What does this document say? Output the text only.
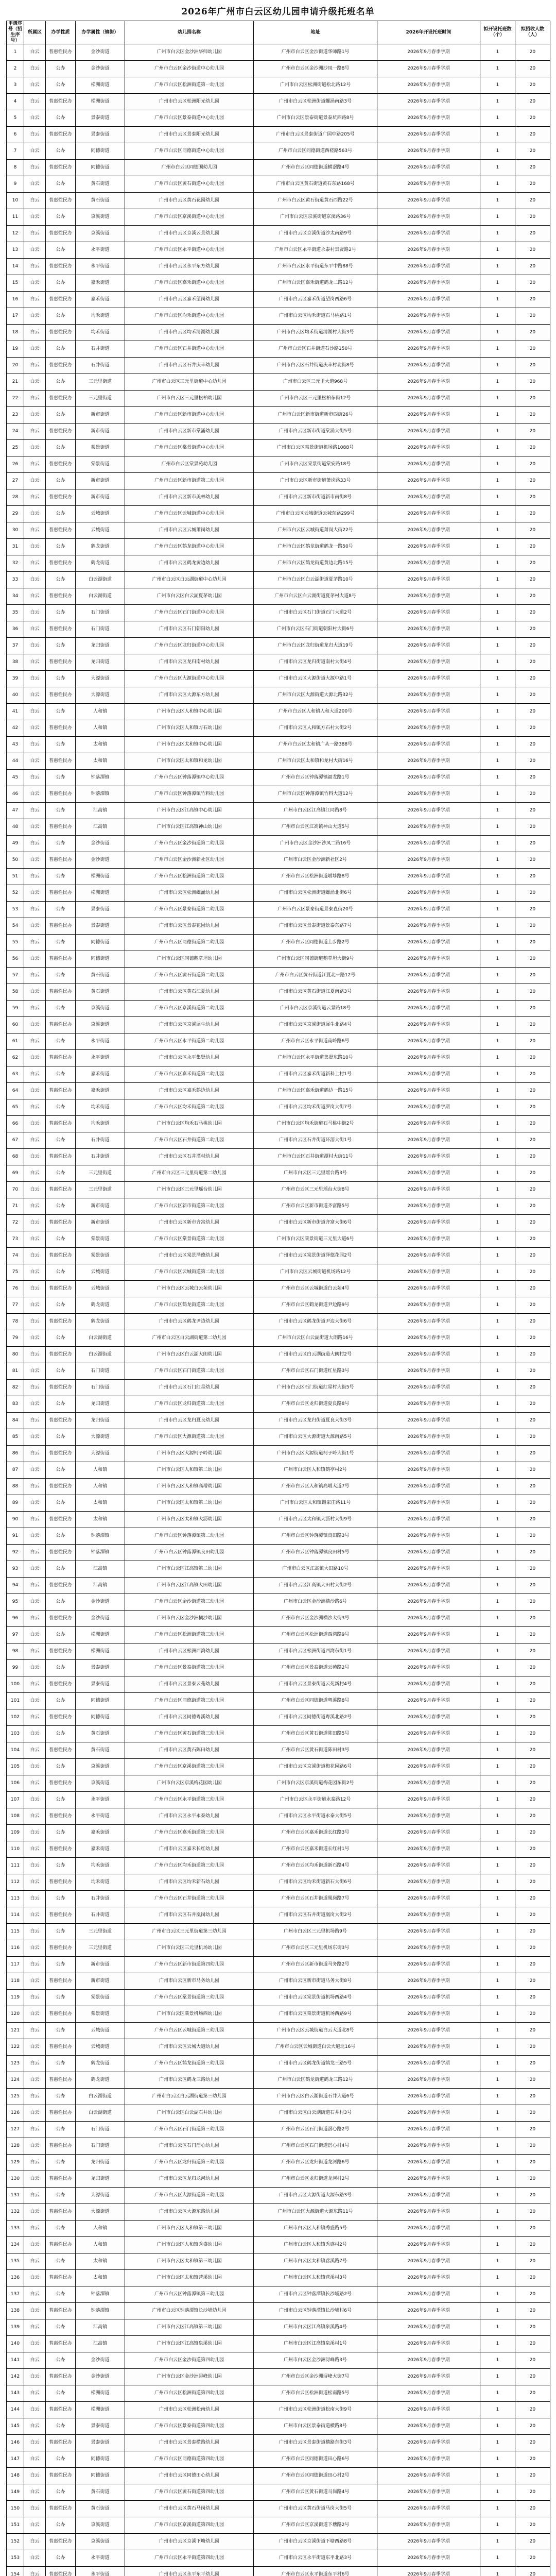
2026年广州市白云区幼儿园申请升级托班名单
申请序号（招生序号）	所属区	办学性质	办学属性（镇街）	幼儿园名称	地址	2026年开设托班时间	拟开设托班数（个）	拟招收人数（人）
1	白云	普惠性民办	金沙街道	广州市白云区金沙洲华师幼儿园	广州市白云区金沙街道华师路1号	2026年9月春季学期	1	20
2	白云	公办	金沙街道	广州市白云区金沙街道中心幼儿园	广州市白云区金沙洲沙凤一路8号	2026年9月春季学期	1	20
3	白云	公办	松洲街道	广州市白云区松洲街道第一幼儿园	广州市白云区松洲街道松北路12号	2026年9月春季学期	1	20
4	白云	普惠性民办	松洲街道	广州市白云区松洲阳光幼儿园	广州市白云区松洲街道螺涌南路3号	2026年9月春季学期	1	20
5	白云	公办	景泰街道	广州市白云区景泰街道中心幼儿园	广州市白云区景泰街道景泰坑西路8号	2026年9月春季学期	1	20
6	白云	普惠性民办	景泰街道	广州市白云区景泰阳光幼儿园	广州市白云区景泰街道广园中路205号	2026年9月春季学期	1	20
7	白云	公办	同德街道	广州市白云区同德街道中心幼儿园	广州市白云区同德街道西槎路563号	2026年9月春季学期	1	20
8	白云	普惠性民办	同德街道	广州市白云区同德围幼儿园	广州市白云区同德街道横滘路4号	2026年9月春季学期	1	20
9	白云	公办	黄石街道	广州市白云区黄石街道中心幼儿园	广州市白云区黄石街道黄石东路168号	2026年9月春季学期	1	20
10	白云	普惠性民办	黄石街道	广州市白云区黄石花园幼儿园	广州市白云区黄石街道黄石西路22号	2026年9月春季学期	1	20
11	白云	公办	京溪街道	广州市白云区京溪街道中心幼儿园	广州市白云区京溪街道京溪路36号	2026年9月春季学期	1	20
12	白云	普惠性民办	京溪街道	广州市白云区京溪云景幼儿园	广州市白云区京溪街道沙太南路9号	2026年9月春季学期	1	20
13	白云	公办	永平街道	广州市白云区永平街道中心幼儿园	广州市白云区永平街道永泰村集贤路2号	2026年9月春季学期	1	20
14	白云	普惠性民办	永平街道	广州市白云区永平东方幼儿园	广州市白云区永平街道东平中路88号	2026年9月春季学期	1	20
15	白云	公办	嘉禾街道	广州市白云区嘉禾街道中心幼儿园	广州市白云区嘉禾街道鹤龙二路12号	2026年9月春季学期	1	20
16	白云	普惠性民办	嘉禾街道	广州市白云区嘉禾望岗幼儿园	广州市白云区嘉禾街道望岗西路6号	2026年9月春季学期	1	20
17	白云	公办	均禾街道	广州市白云区均禾街道中心幼儿园	广州市白云区均禾街道石马桃路1号	2026年9月春季学期	1	20
18	白云	普惠性民办	均禾街道	广州市白云区均禾清湖幼儿园	广州市白云区均禾街道清湖村大街3号	2026年9月春季学期	1	20
19	白云	公办	石井街道	广州市白云区石井街道中心幼儿园	广州市白云区石井街道石沙路150号	2026年9月春季学期	1	20
20	白云	普惠性民办	石井街道	广州市白云区石井庆丰幼儿园	广州市白云区石井街道庆丰村北街8号	2026年9月春季学期	1	20
21	白云	公办	三元里街道	广州市白云区三元里街道中心幼儿园	广州市白云区三元里大道968号	2026年9月春季学期	1	20
22	白云	普惠性民办	三元里街道	广州市白云区三元里松柏幼儿园	广州市白云区三元里松柏东街12号	2026年9月春季学期	1	20
23	白云	公办	新市街道	广州市白云区新市街道中心幼儿园	广州市白云区新市街道新市西街26号	2026年9月春季学期	1	20
24	白云	普惠性民办	新市街道	广州市白云区新市棠涌幼儿园	广州市白云区新市街道棠涌大街5号	2026年9月春季学期	1	20
25	白云	公办	棠景街道	广州市白云区棠景街道中心幼儿园	广州市白云区棠景街道机场路1088号	2026年9月春季学期	1	20
26	白云	普惠性民办	棠景街道	广州市白云区棠景苑幼儿园	广州市白云区棠景街道棠安路18号	2026年9月春季学期	1	20
27	白云	公办	新市街道	广州市白云区新市街道第二幼儿园	广州市白云区新市街道萧岗路33号	2026年9月春季学期	1	20
28	白云	普惠性民办	新市街道	广州市白云区新市美林幼儿园	广州市白云区新市街道新市南街8号	2026年9月春季学期	1	20
29	白云	公办	云城街道	广州市白云区云城街道中心幼儿园	广州市白云区云城街道云城东路299号	2026年9月春季学期	1	20
30	白云	普惠性民办	云城街道	广州市白云区云城萧岗幼儿园	广州市白云区云城街道萧岗大街22号	2026年9月春季学期	1	20
31	白云	公办	鹤龙街道	广州市白云区鹤龙街道中心幼儿园	广州市白云区鹤龙街道鹤龙一路50号	2026年9月春季学期	1	20
32	白云	普惠性民办	鹤龙街道	广州市白云区鹤龙黄边幼儿园	广州市白云区鹤龙街道黄边北路15号	2026年9月春季学期	1	20
33	白云	公办	白云湖街道	广州市白云区白云湖街道中心幼儿园	广州市白云区白云湖街道夏茅路10号	2026年9月春季学期	1	20
34	白云	普惠性民办	白云湖街道	广州市白云区白云湖夏茅幼儿园	广州市白云区白云湖街道夏茅村大道8号	2026年9月春季学期	1	20
35	白云	公办	石门街道	广州市白云区石门街道中心幼儿园	广州市白云区石门街道石门大道2号	2026年9月春季学期	1	20
36	白云	普惠性民办	石门街道	广州市白云区石门朝阳幼儿园	广州市白云区石门街道朝阳村大街6号	2026年9月春季学期	1	20
37	白云	公办	龙归街道	广州市白云区龙归街道中心幼儿园	广州市白云区龙归街道龙归大道19号	2026年9月春季学期	1	20
38	白云	普惠性民办	龙归街道	广州市白云区龙归南村幼儿园	广州市白云区龙归街道南村大街4号	2026年9月春季学期	1	20
39	白云	公办	大源街道	广州市白云区大源街道中心幼儿园	广州市白云区大源街道大源中路1号	2026年9月春季学期	1	20
40	白云	普惠性民办	大源街道	广州市白云区大源东方幼儿园	广州市白云区大源街道大源北路32号	2026年9月春季学期	1	20
41	白云	公办	人和镇	广州市白云区人和镇中心幼儿园	广州市白云区人和镇人和大道200号	2026年9月春季学期	1	20
42	白云	普惠性民办	人和镇	广州市白云区人和镇方石幼儿园	广州市白云区人和镇方石村大街2号	2026年9月春季学期	1	20
43	白云	公办	太和镇	广州市白云区太和镇中心幼儿园	广州市白云区太和镇广从一路388号	2026年9月春季学期	1	20
44	白云	普惠性民办	太和镇	广州市白云区太和镇和龙幼儿园	广州市白云区太和镇和龙村大街16号	2026年9月春季学期	1	20
45	白云	公办	钟落潭镇	广州市白云区钟落潭镇中心幼儿园	广州市白云区钟落潭镇福龙路1号	2026年9月春季学期	1	20
46	白云	普惠性民办	钟落潭镇	广州市白云区钟落潭镇竹料幼儿园	广州市白云区钟落潭镇竹料大道12号	2026年9月春季学期	1	20
47	白云	公办	江高镇	广州市白云区江高镇中心幼儿园	广州市白云区江高镇江同路8号	2026年9月春季学期	1	20
48	白云	普惠性民办	江高镇	广州市白云区江高镇神山幼儿园	广州市白云区江高镇神山大道5号	2026年9月春季学期	1	20
49	白云	公办	金沙街道	广州市白云区金沙街道第二幼儿园	广州市白云区金沙洲沙凤二路16号	2026年9月春季学期	1	20
50	白云	普惠性民办	金沙街道	广州市白云区金沙洲新社区幼儿园	广州市白云区金沙洲新社区2号	2026年9月春季学期	1	20
51	白云	公办	松洲街道	广州市白云区松洲街道第二幼儿园	广州市白云区松洲街道增埗路8号	2026年9月春季学期	1	20
52	白云	普惠性民办	松洲街道	广州市白云区松洲螺涌幼儿园	广州市白云区松洲街道螺涌北街6号	2026年9月春季学期	1	20
53	白云	公办	景泰街道	广州市白云区景泰街道第二幼儿园	广州市白云区景泰街道景泰直街20号	2026年9月春季学期	1	20
54	白云	普惠性民办	景泰街道	广州市白云区景泰花园幼儿园	广州市白云区景泰街道景泰东路7号	2026年9月春季学期	1	20
55	白云	公办	同德街道	广州市白云区同德街道第二幼儿园	广州市白云区同德街道上步路2号	2026年9月春季学期	1	20
56	白云	普惠性民办	同德街道	广州市白云区同德鹅掌坦幼儿园	广州市白云区同德街道鹅掌坦大街9号	2026年9月春季学期	1	20
57	白云	公办	黄石街道	广州市白云区黄石街道第二幼儿园	广州市白云区黄石街道江夏北一路12号	2026年9月春季学期	1	20
58	白云	普惠性民办	黄石街道	广州市白云区黄石江夏幼儿园	广州市白云区黄石街道江夏南路3号	2026年9月春季学期	1	20
59	白云	公办	京溪街道	广州市白云区京溪街道第二幼儿园	广州市白云区京溪街道云景路18号	2026年9月春季学期	1	20
60	白云	普惠性民办	京溪街道	广州市白云区京溪犀牛幼儿园	广州市白云区京溪街道犀牛北路4号	2026年9月春季学期	1	20
61	白云	公办	永平街道	广州市白云区永平街道第二幼儿园	广州市白云区永平街道南岭路6号	2026年9月春季学期	1	20
62	白云	普惠性民办	永平街道	广州市白云区永平集贤幼儿园	广州市白云区永平街道集贤东路10号	2026年9月春季学期	1	20
63	白云	公办	嘉禾街道	广州市白云区嘉禾街道第二幼儿园	广州市白云区嘉禾街道新科上村1号	2026年9月春季学期	1	20
64	白云	普惠性民办	嘉禾街道	广州市白云区嘉禾鹤边幼儿园	广州市白云区嘉禾街道鹤边一路15号	2026年9月春季学期	1	20
65	白云	公办	均禾街道	广州市白云区均禾街道第二幼儿园	广州市白云区均禾街道罗岗大街7号	2026年9月春季学期	1	20
66	白云	普惠性民办	均禾街道	广州市白云区均禾石马桃幼儿园	广州市白云区均禾街道石马桃中街2号	2026年9月春季学期	1	20
67	白云	公办	石井街道	广州市白云区石井街道第二幼儿园	广州市白云区石井街道环滘大街1号	2026年9月春季学期	1	20
68	白云	普惠性民办	石井街道	广州市白云区石井潭村幼儿园	广州市白云区石井街道潭村大街11号	2026年9月春季学期	1	20
69	白云	公办	三元里街道	广州市白云区三元里街道第二幼儿园	广州市白云区三元里瑶台路3号	2026年9月春季学期	1	20
70	白云	普惠性民办	三元里街道	广州市白云区三元里瑶台幼儿园	广州市白云区三元里瑶台大街8号	2026年9月春季学期	1	20
71	白云	公办	新市街道	广州市白云区新市街道第三幼儿园	广州市白云区新市街道齐富路5号	2026年9月春季学期	1	20
72	白云	普惠性民办	新市街道	广州市白云区新市齐富幼儿园	广州市白云区新市街道齐富大街6号	2026年9月春季学期	1	20
73	白云	公办	棠景街道	广州市白云区棠景街道第二幼儿园	广州市白云区棠景街道三元里大道6号	2026年9月春季学期	1	20
74	白云	普惠性民办	棠景街道	广州市白云区棠景泽德幼儿园	广州市白云区棠景街道泽德花园2号	2026年9月春季学期	1	20
75	白云	公办	云城街道	广州市白云区云城街道第二幼儿园	广州市白云区云城街道机场路12号	2026年9月春季学期	1	20
76	白云	普惠性民办	云城街道	广州市白云区云城白云苑幼儿园	广州市白云区云城街道白云苑4号	2026年9月春季学期	1	20
77	白云	公办	鹤龙街道	广州市白云区鹤龙街道第二幼儿园	广州市白云区鹤龙街道尹边路9号	2026年9月春季学期	1	20
78	白云	普惠性民办	鹤龙街道	广州市白云区鹤龙尹边幼儿园	广州市白云区鹤龙街道尹边大街6号	2026年9月春季学期	1	20
79	白云	公办	白云湖街道	广州市白云区白云湖街道第二幼儿园	广州市白云区白云湖街道大朗路16号	2026年9月春季学期	1	20
80	白云	普惠性民办	白云湖街道	广州市白云区白云湖大朗幼儿园	广州市白云区白云湖街道大朗村2号	2026年9月春季学期	1	20
81	白云	公办	石门街道	广州市白云区石门街道第二幼儿园	广州市白云区石门街道红星路3号	2026年9月春季学期	1	20
82	白云	普惠性民办	石门街道	广州市白云区石门红星幼儿园	广州市白云区石门街道红星村大街5号	2026年9月春季学期	1	20
83	白云	公办	龙归街道	广州市白云区龙归街道第二幼儿园	广州市白云区龙归街道夏良路8号	2026年9月春季学期	1	20
84	白云	普惠性民办	龙归街道	广州市白云区龙归夏良幼儿园	广州市白云区龙归街道夏良大街3号	2026年9月春季学期	1	20
85	白云	公办	大源街道	广州市白云区大源街道第二幼儿园	广州市白云区大源街道大源南路5号	2026年9月春季学期	1	20
86	白云	普惠性民办	大源街道	广州市白云区大源柯子岭幼儿园	广州市白云区大源街道柯子岭大街1号	2026年9月春季学期	1	20
87	白云	公办	人和镇	广州市白云区人和镇第二幼儿园	广州市白云区人和镇鹤亭村2号	2026年9月春季学期	1	20
88	白云	普惠性民办	人和镇	广州市白云区人和镇高增幼儿园	广州市白云区人和镇高增大道7号	2026年9月春季学期	1	20
89	白云	公办	太和镇	广州市白云区太和镇第二幼儿园	广州市白云区太和镇谢家庄路11号	2026年9月春季学期	1	20
90	白云	普惠性民办	太和镇	广州市白云区太和镇大沥幼儿园	广州市白云区太和镇大沥村大街9号	2026年9月春季学期	1	20
91	白云	公办	钟落潭镇	广州市白云区钟落潭镇第二幼儿园	广州市白云区钟落潭镇良田路3号	2026年9月春季学期	1	20
92	白云	普惠性民办	钟落潭镇	广州市白云区钟落潭镇良田幼儿园	广州市白云区钟落潭镇良田村5号	2026年9月春季学期	1	20
93	白云	公办	江高镇	广州市白云区江高镇第二幼儿园	广州市白云区江高镇大田路10号	2026年9月春季学期	1	20
94	白云	普惠性民办	江高镇	广州市白云区江高镇大田幼儿园	广州市白云区江高镇大田村大街2号	2026年9月春季学期	1	20
95	白云	公办	金沙街道	广州市白云区金沙街道第三幼儿园	广州市白云区金沙洲横沙路6号	2026年9月春季学期	1	20
96	白云	普惠性民办	金沙街道	广州市白云区金沙洲横沙幼儿园	广州市白云区金沙洲横沙大街3号	2026年9月春季学期	1	20
97	白云	公办	松洲街道	广州市白云区松洲街道第三幼儿园	广州市白云区松洲街道西湾路9号	2026年9月春季学期	1	20
98	白云	普惠性民办	松洲街道	广州市白云区松洲西湾幼儿园	广州市白云区松洲街道西湾东街1号	2026年9月春季学期	1	20
99	白云	公办	景泰街道	广州市白云区景泰街道第三幼儿园	广州市白云区景泰街道云苑路2号	2026年9月春季学期	1	20
100	白云	普惠性民办	景泰街道	广州市白云区景泰云苑幼儿园	广州市白云区景泰街道云苑新村4号	2026年9月春季学期	1	20
101	白云	公办	同德街道	广州市白云区同德街道第三幼儿园	广州市白云区同德街道粤溪路8号	2026年9月春季学期	1	20
102	白云	普惠性民办	同德街道	广州市白云区同德粤溪幼儿园	广州市白云区同德街道粤溪北路2号	2026年9月春季学期	1	20
103	白云	公办	黄石街道	广州市白云区黄石街道第三幼儿园	广州市白云区黄石街道陈田路5号	2026年9月春季学期	1	20
104	白云	普惠性民办	黄石街道	广州市白云区黄石陈田幼儿园	广州市白云区黄石街道陈田村3号	2026年9月春季学期	1	20
105	白云	公办	京溪街道	广州市白云区京溪街道第三幼儿园	广州市白云区京溪街道梅花园路6号	2026年9月春季学期	1	20
106	白云	普惠性民办	京溪街道	广州市白云区京溪梅花园幼儿园	广州市白云区京溪街道梅花园东街2号	2026年9月春季学期	1	20
107	白云	公办	永平街道	广州市白云区永平街道第三幼儿园	广州市白云区永平街道永泰路12号	2026年9月春季学期	1	20
108	白云	普惠性民办	永平街道	广州市白云区永平永泰幼儿园	广州市白云区永平街道永泰大街5号	2026年9月春季学期	1	20
109	白云	公办	嘉禾街道	广州市白云区嘉禾街道第三幼儿园	广州市白云区嘉禾街道长红路3号	2026年9月春季学期	1	20
110	白云	普惠性民办	嘉禾街道	广州市白云区嘉禾长红幼儿园	广州市白云区嘉禾街道长红村1号	2026年9月春季学期	1	20
111	白云	公办	均禾街道	广州市白云区均禾街道第三幼儿园	广州市白云区均禾街道新石路4号	2026年9月春季学期	1	20
112	白云	普惠性民办	均禾街道	广州市白云区均禾新石幼儿园	广州市白云区均禾街道新石大街6号	2026年9月春季学期	1	20
113	白云	公办	石井街道	广州市白云区石井街道第三幼儿园	广州市白云区石井街道凰岗路7号	2026年9月春季学期	1	20
114	白云	普惠性民办	石井街道	广州市白云区石井凰岗幼儿园	广州市白云区石井街道凰岗大街2号	2026年9月春季学期	1	20
115	白云	公办	三元里街道	广州市白云区三元里街道第三幼儿园	广州市白云区三元里机场路9号	2026年9月春季学期	1	20
116	白云	普惠性民办	三元里街道	广州市白云区三元里机场幼儿园	广州市白云区三元里机场东街3号	2026年9月春季学期	1	20
117	白云	公办	新市街道	广州市白云区新市街道第四幼儿园	广州市白云区新市街道马务路2号	2026年9月春季学期	1	20
118	白云	普惠性民办	新市街道	广州市白云区新市马务幼儿园	广州市白云区新市街道马务大街8号	2026年9月春季学期	1	20
119	白云	公办	棠景街道	广州市白云区棠景街道第三幼儿园	广州市白云区棠景街道机场西路4号	2026年9月春季学期	1	20
120	白云	普惠性民办	棠景街道	广州市白云区棠景机场西幼儿园	广州市白云区棠景街道机场西路9号	2026年9月春季学期	1	20
121	白云	公办	云城街道	广州市白云区云城街道第三幼儿园	广州市白云区云城街道白云大道北8号	2026年9月春季学期	1	20
122	白云	普惠性民办	云城街道	广州市白云区云城大道幼儿园	广州市白云区云城街道白云大道北16号	2026年9月春季学期	1	20
123	白云	公办	鹤龙街道	广州市白云区鹤龙街道第三幼儿园	广州市白云区鹤龙街道鹤龙三路5号	2026年9月春季学期	1	20
124	白云	普惠性民办	鹤龙街道	广州市白云区鹤龙三路幼儿园	广州市白云区鹤龙街道鹤龙三路12号	2026年9月春季学期	1	20
125	白云	公办	白云湖街道	广州市白云区白云湖街道第三幼儿园	广州市白云区白云湖街道石井大道6号	2026年9月春季学期	1	20
126	白云	普惠性民办	白云湖街道	广州市白云区白云湖石井幼儿园	广州市白云区白云湖街道石井村3号	2026年9月春季学期	1	20
127	白云	公办	石门街道	广州市白云区石门街道第三幼儿园	广州市白云区石门街道滘心路2号	2026年9月春季学期	1	20
128	白云	普惠性民办	石门街道	广州市白云区石门滘心幼儿园	广州市白云区石门街道滘心村4号	2026年9月春季学期	1	20
129	白云	公办	龙归街道	广州市白云区龙归街道第三幼儿园	广州市白云区龙归街道龙河路6号	2026年9月春季学期	1	20
130	白云	普惠性民办	龙归街道	广州市白云区龙归龙河幼儿园	广州市白云区龙归街道龙河村2号	2026年9月春季学期	1	20
131	白云	公办	大源街道	广州市白云区大源街道第三幼儿园	广州市白云区大源街道大源东路3号	2026年9月春季学期	1	20
132	白云	普惠性民办	大源街道	广州市白云区大源东路幼儿园	广州市白云区大源街道大源东路11号	2026年9月春季学期	1	20
133	白云	公办	人和镇	广州市白云区人和镇第三幼儿园	广州市白云区人和镇秀盛路5号	2026年9月春季学期	1	20
134	白云	普惠性民办	人和镇	广州市白云区人和镇秀盛幼儿园	广州市白云区人和镇秀盛村2号	2026年9月春季学期	1	20
135	白云	公办	太和镇	广州市白云区太和镇第三幼儿园	广州市白云区太和镇营溪路7号	2026年9月春季学期	1	20
136	白云	普惠性民办	太和镇	广州市白云区太和镇营溪幼儿园	广州市白云区太和镇营溪村3号	2026年9月春季学期	1	20
137	白云	公办	钟落潭镇	广州市白云区钟落潭镇第三幼儿园	广州市白云区钟落潭镇长沙埔路2号	2026年9月春季学期	1	20
138	白云	普惠性民办	钟落潭镇	广州市白云区钟落潭镇长沙埔幼儿园	广州市白云区钟落潭镇长沙埔村6号	2026年9月春季学期	1	20
139	白云	公办	江高镇	广州市白云区江高镇第三幼儿园	广州市白云区江高镇泉溪路4号	2026年9月春季学期	1	20
140	白云	普惠性民办	江高镇	广州市白云区江高镇泉溪幼儿园	广州市白云区江高镇泉溪村1号	2026年9月春季学期	1	20
141	白云	公办	金沙街道	广州市白云区金沙街道第四幼儿园	广州市白云区金沙洲浔峰路3号	2026年9月春季学期	1	20
142	白云	普惠性民办	金沙街道	广州市白云区金沙洲浔峰幼儿园	广州市白云区金沙洲浔峰大街7号	2026年9月春季学期	1	20
143	白云	公办	松洲街道	广州市白云区松洲街道第四幼儿园	广州市白云区松洲街道松南路5号	2026年9月春季学期	1	20
144	白云	普惠性民办	松洲街道	广州市白云区松洲松南幼儿园	广州市白云区松洲街道松南大街9号	2026年9月春季学期	1	20
145	白云	公办	景泰街道	广州市白云区景泰街道第四幼儿园	广州市白云区景泰街道横路8号	2026年9月春季学期	1	20
146	白云	普惠性民办	景泰街道	广州市白云区景泰横路幼儿园	广州市白云区景泰街道横路东街3号	2026年9月春季学期	1	20
147	白云	公办	同德街道	广州市白云区同德街道第四幼儿园	广州市白云区同德街道田心路6号	2026年9月春季学期	1	20
148	白云	普惠性民办	同德街道	广州市白云区同德田心幼儿园	广州市白云区同德街道田心村2号	2026年9月春季学期	1	20
149	白云	公办	黄石街道	广州市白云区黄石街道第四幼儿园	广州市白云区黄石街道马岗路4号	2026年9月春季学期	1	20
150	白云	普惠性民办	黄石街道	广州市白云区黄石马岗幼儿园	广州市白云区黄石街道马岗大街5号	2026年9月春季学期	1	20
151	白云	公办	京溪街道	广州市白云区京溪街道第四幼儿园	广州市白云区京溪街道下塘路2号	2026年9月春季学期	1	20
152	白云	普惠性民办	京溪街道	广州市白云区京溪下塘幼儿园	广州市白云区京溪街道下塘西路8号	2026年9月春季学期	1	20
153	白云	公办	永平街道	广州市白云区永平街道第四幼儿园	广州市白云区永平街道东平北路3号	2026年9月春季学期	1	20
154	白云	普惠性民办	永平街道	广州市白云区永平东平幼儿园	广州市白云区永平街道东平村6号	2026年9月春季学期	1	20
